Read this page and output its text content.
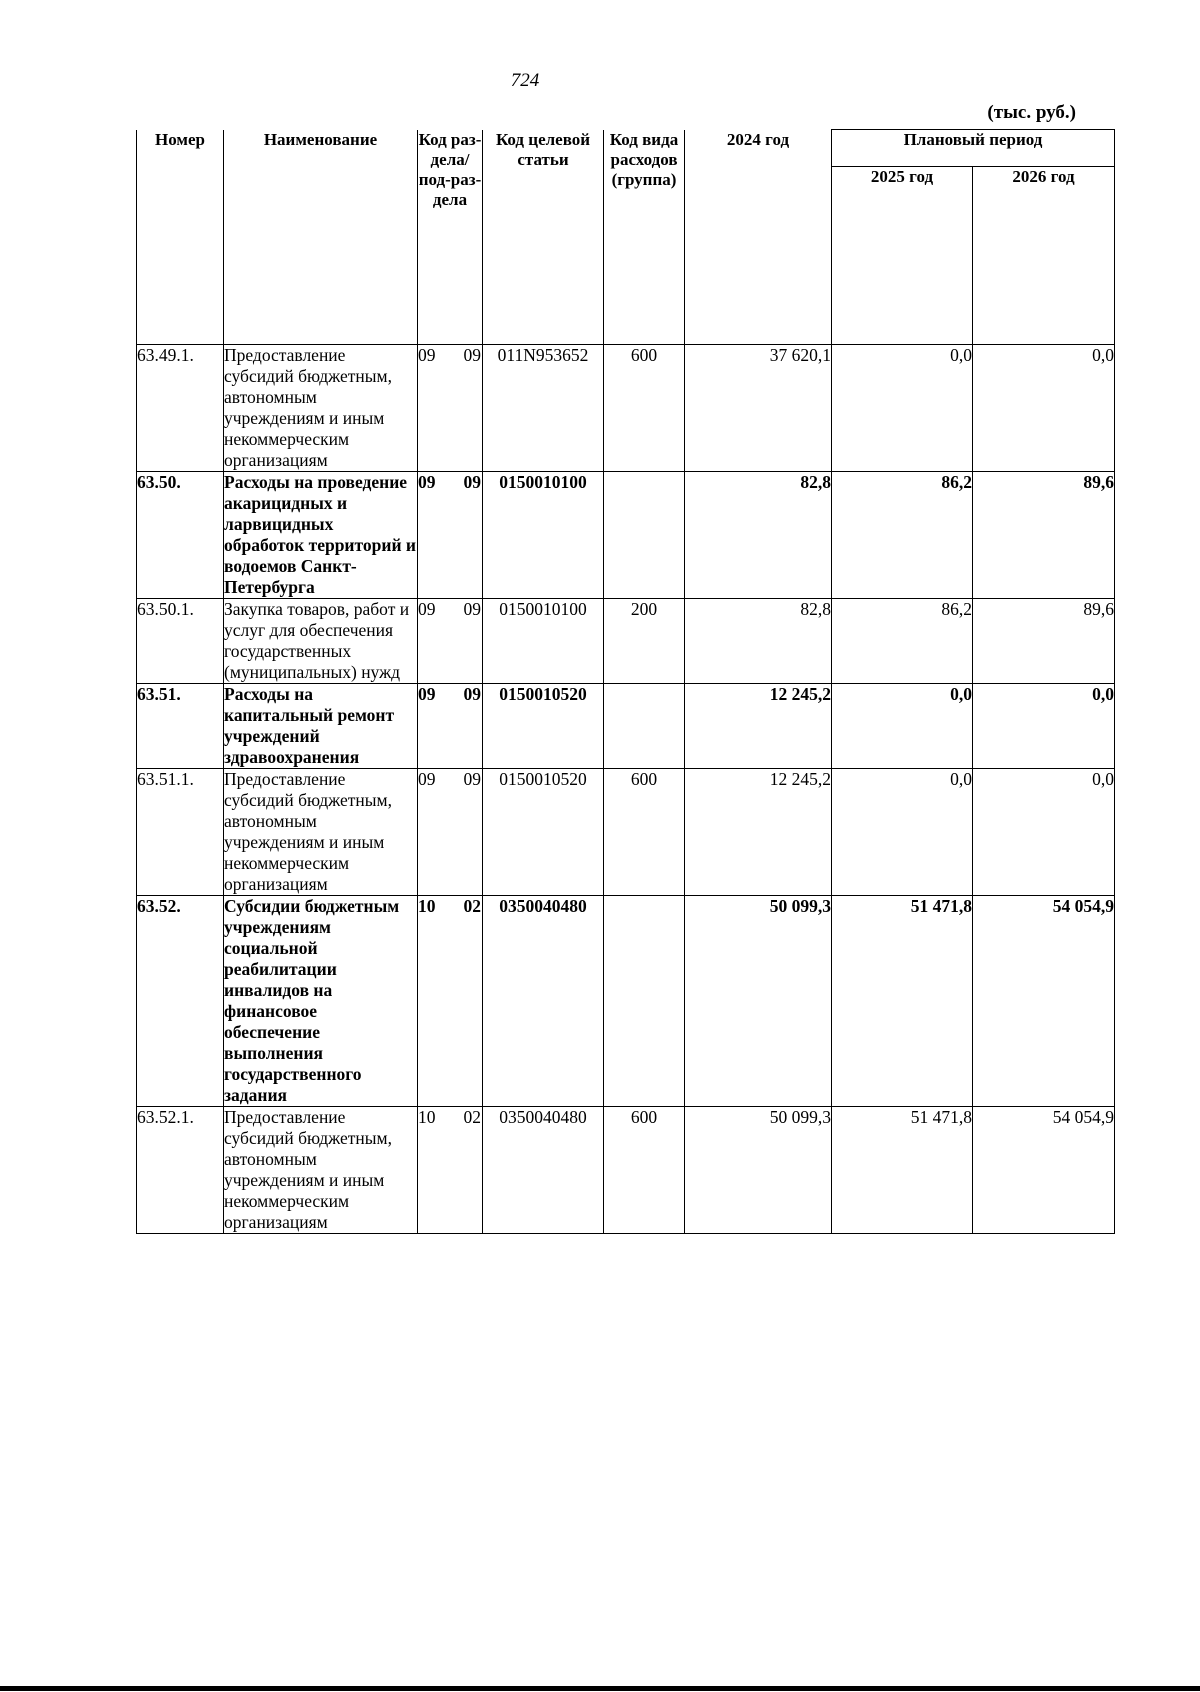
724
(тыс. руб.)
Номер	Наименование	Код раз-дела/ под-раз-дела	Код целевой статьи	Код вида расходов (группа)	2024 год	Плановый период	
						2025 год	2026 год
63.49.1.	Предоставление субсидий бюджетным, автономным учреждениям и иным некоммерческим организациям	09 09	011N953652	600	37 620,1	0,0	0,0
63.50.	Расходы на проведение акарицидных и ларвицидных обработок территорий и водоемов Санкт-Петербурга	09 09	0150010100		82,8	86,2	89,6
63.50.1.	Закупка товаров, работ и услуг для обеспечения государственных (муниципальных) нужд	09 09	0150010100	200	82,8	86,2	89,6
63.51.	Расходы на капитальный ремонт учреждений здравоохранения	09 09	0150010520		12 245,2	0,0	0,0
63.51.1.	Предоставление субсидий бюджетным, автономным учреждениям и иным некоммерческим организациям	09 09	0150010520	600	12 245,2	0,0	0,0
63.52.	Субсидии бюджетным учреждениям социальной реабилитации инвалидов на финансовое обеспечение выполнения государственного задания	10 02	0350040480		50 099,3	51 471,8	54 054,9
63.52.1.	Предоставление субсидий бюджетным, автономным учреждениям и иным некоммерческим организациям	10 02	0350040480	600	50 099,3	51 471,8	54 054,9
